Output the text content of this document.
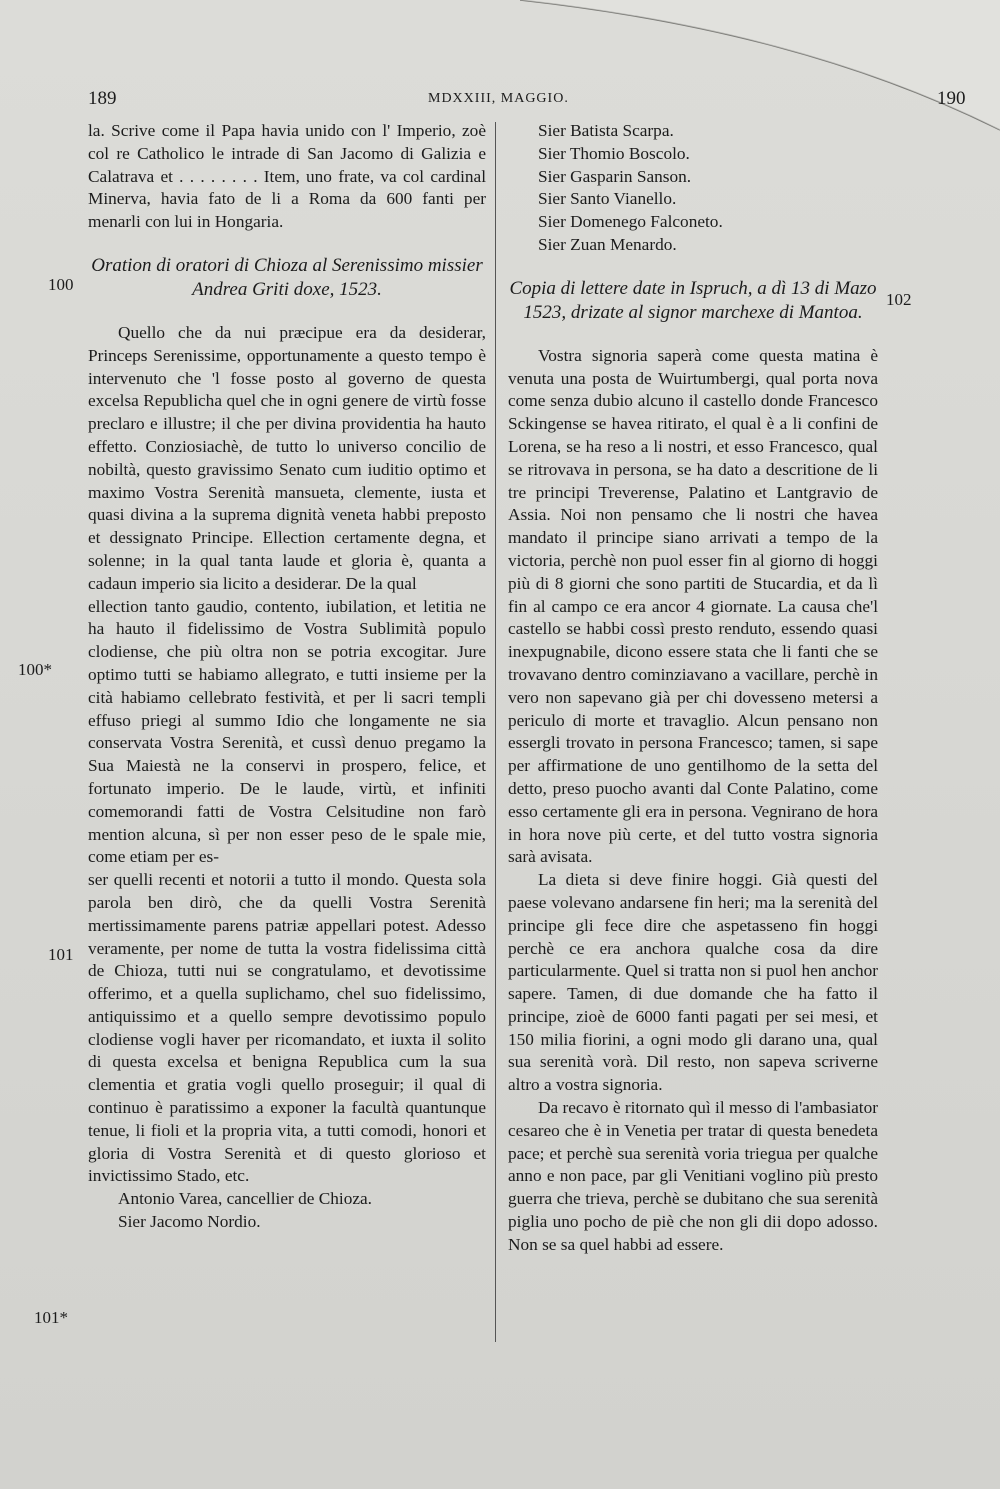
189	MDXXIII, MAGGIO.	190
100
100*
101
101*
102

la. Scrive come il Papa havia unido con l' Imperio, zoè col re Catholico le intrade di San Jacomo di Galizia e Calatrava et . . . . . . . . Item, uno frate, va col cardinal Minerva, havia fato de li a Roma da 600 fanti per menarli con lui in Hongaria.

Oration di oratori di Chioza al Serenissimo missier Andrea Griti doxe, 1523.

Quello che da nui præcipue era da desiderar, Princeps Serenissime, opportunamente a questo tempo è intervenuto che 'l fosse posto al governo de questa excelsa Republicha quel che in ogni genere de virtù fosse preclaro e illustre; il che per divina providentia ha hauto effetto. Conziosiachè, de tutto lo universo concilio de nobiltà, questo gravissimo Senato cum iuditio optimo et maximo Vostra Serenità mansueta, clemente, iusta et quasi divina a la suprema dignità veneta habbi preposto et dessignato Principe. Ellection certamente degna, et solenne; in la qual tanta laude et gloria è, quanta a cadaun imperio sia licito a desiderar. De la qual

ellection tanto gaudio, contento, iubilation, et letitia ne ha hauto il fidelissimo de Vostra Sublimità populo clodiense, che più oltra non se potria excogitar. Jure optimo tutti se habiamo allegrato, e tutti insieme per la cità habiamo cellebrato festività, et per li sacri templi effuso priegi al summo Idio che longamente ne sia conservata Vostra Serenità, et cussì denuo pregamo la Sua Maiestà ne la conservi in prospero, felice, et fortunato imperio. De le laude, virtù, et infiniti comemorandi fatti de Vostra Celsitudine non farò mention alcuna, sì per non esser peso de le spale mie, come etiam per es-

ser quelli recenti et notorii a tutto il mondo. Questa sola parola ben dirò, che da quelli Vostra Serenità mertissimamente parens patriæ appellari potest. Adesso veramente, per nome de tutta la vostra fidelissima città de Chioza, tutti nui se congratulamo, et devotissime offerimo, et a quella suplichamo, chel suo fidelissimo, antiquissimo et a quello sempre devotissimo populo clodiense vogli haver per ricomandato, et iuxta il solito di questa excelsa et benigna Republica cum la sua clementia et gratia vogli quello proseguir; il qual di continuo è paratissimo a exponer la facultà quantunque tenue, li fioli et la propria vita, a tutti comodi, honori et gloria di Vostra Serenità et di questo glorioso et invictissimo Stado, etc.

Antonio Varea, cancellier de Chioza.

Sier Jacomo Nordio.

Sier Batista Scarpa.

Sier Thomio Boscolo.

Sier Gasparin Sanson.

Sier Santo Vianello.

Sier Domenego Falconeto.

Sier Zuan Menardo.

Copia di lettere date in Ispruch, a dì 13 di Mazo 1523, drizate al signor marchexe di Mantoa.

Vostra signoria saperà come questa matina è venuta una posta de Wuirtumbergi, qual porta nova come senza dubio alcuno il castello donde Francesco Sckingense se havea ritirato, el qual è a li confini de Lorena, se ha reso a li nostri, et esso Francesco, qual se ritrovava in persona, se ha dato a descritione de li tre principi Treverense, Palatino et Lantgravio de Assia. Noi non pensamo che li nostri che havea mandato il principe siano arrivati a tempo de la victoria, perchè non puol esser fin al giorno di hoggi più di 8 giorni che sono partiti de Stucardia, et da lì fin al campo ce era ancor 4 giornate. La causa che'l castello se habbi cossì presto renduto, essendo quasi inexpugnabile, dicono essere stata che li fanti che se trovavano dentro cominziavano a vacillare, perchè in vero non sapevano già per chi dovesseno metersi a periculo di morte et travaglio. Alcun pensano non essergli trovato in persona Francesco; tamen, si sape per affirmatione de uno gentilhomo de la setta del detto, preso puocho avanti dal Conte Palatino, come esso certamente gli era in persona. Vegnirano de hora in hora nove più certe, et del tutto vostra signoria sarà avisata.

La dieta si deve finire hoggi. Già questi del paese volevano andarsene fin heri; ma la serenità del principe gli fece dire che aspetasseno fin hoggi perchè ce era anchora qualche cosa da dire particularmente. Quel si tratta non si puol hen anchor sapere. Tamen, di due domande che ha fatto il principe, zioè de 6000 fanti pagati per sei mesi, et 150 milia fiorini, a ogni modo gli darano una, qual sua serenità vorà. Dil resto, non sapeva scriverne altro a vostra signoria.

Da recavo è ritornato quì il messo di l'ambasiator cesareo che è in Venetia per tratar di questa benedeta pace; et perchè sua serenità voria triegua per qualche anno e non pace, par gli Venitiani voglino più presto guerra che trieva, perchè se dubitano che sua serenità piglia uno pocho de piè che non gli dii dopo adosso. Non se sa quel habbi ad essere.
